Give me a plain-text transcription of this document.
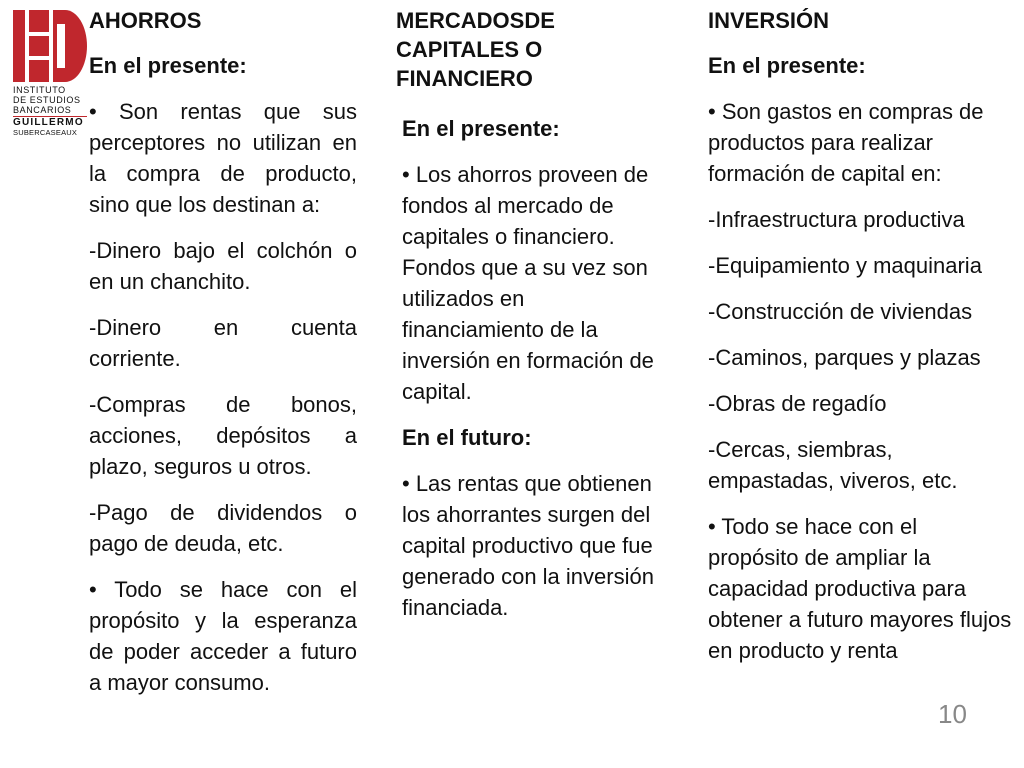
INSTITUTO
DE ESTUDIOS
BANCARIOS
GUILLERMO
SUBERCASEAUX

AHORROS

En el presente:

• Son rentas que sus perceptores no utilizan en la compra de producto, sino que los destinan a:

-Dinero bajo el colchón o en un chanchito.

-Dinero en cuenta corriente.

-Compras de bonos, acciones, depósitos a plazo, seguros u otros.

-Pago de dividendos o pago de deuda, etc.

• Todo se hace con el propósito y la esperanza de poder acceder a futuro a mayor consumo.

MERCADOSDE
CAPITALES O
FINANCIERO

En el presente:

• Los ahorros proveen de fondos al mercado de capitales o financiero. Fondos que a su vez son utilizados en financiamiento de la inversión en formación de capital.

En el futuro:

• Las rentas que obtienen los ahorrantes surgen del capital productivo que fue generado con la inversión financiada.

INVERSIÓN

En el presente:

• Son gastos en compras de productos para realizar formación de capital en:

-Infraestructura productiva

-Equipamiento y maquinaria

-Construcción de viviendas

-Caminos, parques y plazas

-Obras de regadío

-Cercas, siembras, empastadas, viveros, etc.

• Todo se hace con el propósito de ampliar la capacidad productiva para obtener a futuro mayores flujos en producto y renta

10
